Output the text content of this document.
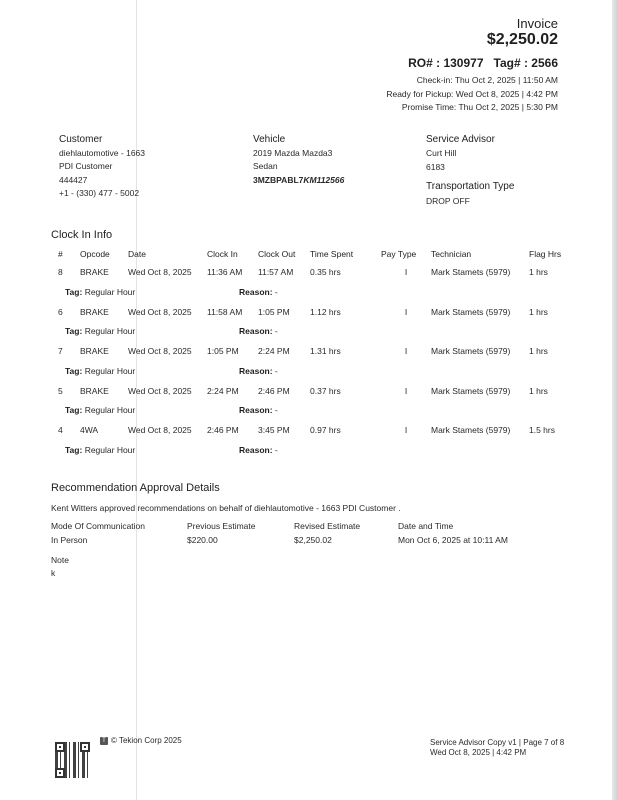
Invoice
$2,250.02
RO# : 130977 Tag# : 2566
Check-in: Thu Oct 2, 2025 | 11:50 AM
Ready for Pickup: Wed Oct 8, 2025 | 4:42 PM
Promise Time: Thu Oct 2, 2025 | 5:30 PM
Customer
diehlautomotive - 1663
PDI Customer
444427
+1 - (330) 477 - 5002
Vehicle
2019 Mazda Mazda3
Sedan
3MZBPABL7KM112566
Service Advisor
Curt Hill
6183
Transportation Type
DROP OFF
Clock In Info
#	Opcode	Date	Clock In	Clock Out	Time Spent	Pay Type	Technician	Flag Hrs
8	BRAKE	Wed Oct 8, 2025	11:36 AM	11:57 AM	0.35 hrs	I	Mark Stamets (5979)	1 hrs
Tag: Regular Hour			Reason: -					
6	BRAKE	Wed Oct 8, 2025	11:58 AM	1:05 PM	1.12 hrs	I	Mark Stamets (5979)	1 hrs
Tag: Regular Hour			Reason: -					
7	BRAKE	Wed Oct 8, 2025	1:05 PM	2:24 PM	1.31 hrs	I	Mark Stamets (5979)	1 hrs
Tag: Regular Hour			Reason: -					
5	BRAKE	Wed Oct 8, 2025	2:24 PM	2:46 PM	0.37 hrs	I	Mark Stamets (5979)	1 hrs
Tag: Regular Hour			Reason: -					
4	4WA	Wed Oct 8, 2025	2:46 PM	3:45 PM	0.97 hrs	I	Mark Stamets (5979)	1.5 hrs
Tag: Regular Hour			Reason: -					
Recommendation Approval Details
Kent Witters approved recommendations on behalf of diehlautomotive - 1663 PDI Customer .
Mode Of Communication
In Person
Previous Estimate
$220.00
Revised Estimate
$2,250.02
Date and Time
Mon Oct 6, 2025 at 10:11 AM
Note
k
T © Tekion Corp 2025	Service Advisor Copy v1 | Page 7 of 8
Wed Oct 8, 2025 | 4:42 PM
